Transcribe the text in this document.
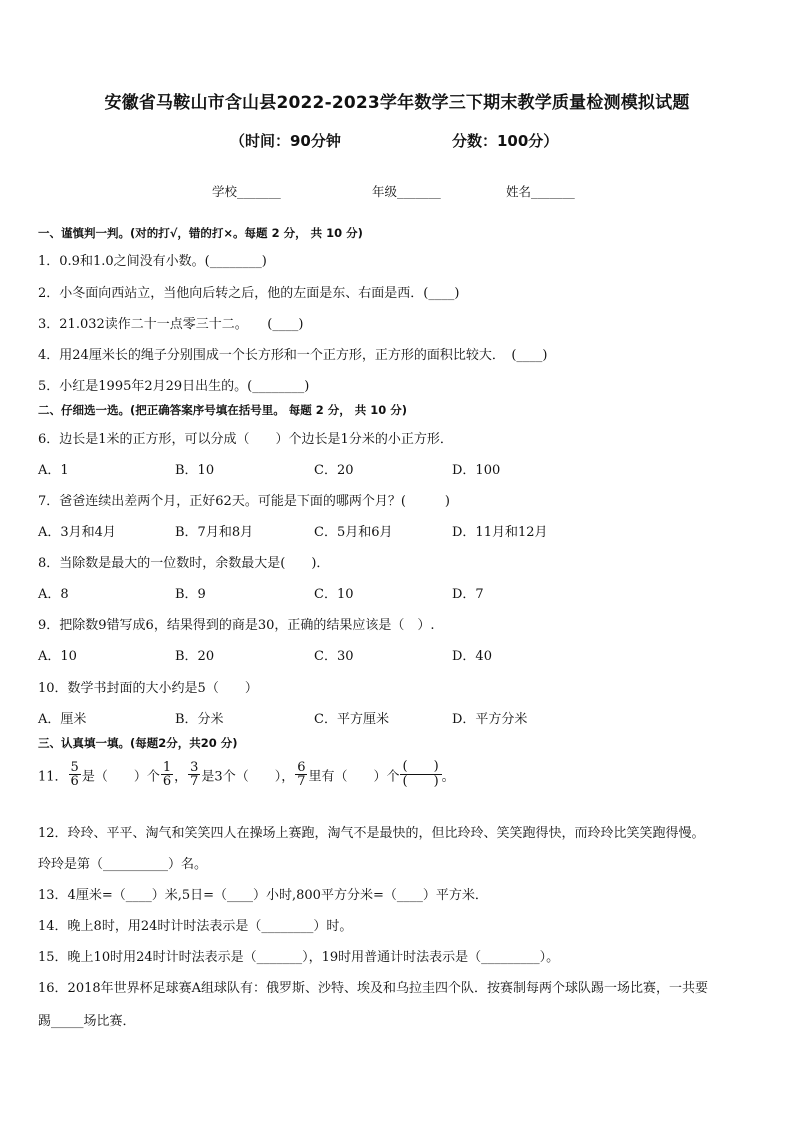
安徽省马鞍山市含山县2022-2023学年数学三下期末教学质量检测模拟试题
（时间：90分钟	分数：100分）
学校_______	年级_______	姓名_______
一、谨慎判一判。(对的打√，错的打×。每题 2 分， 共 10 分)
1．0.9和1.0之间没有小数。(________)
2．小冬面向西站立，当他向后转之后，他的左面是东、右面是西．(____)
3．21.032读作二十一点零三十二。　　(____)
4．用24厘米长的绳子分别围成一个长方形和一个正方形，正方形的面积比较大．　(____)
5．小红是1995年2月29日出生的。(________)
二、仔细选一选。(把正确答案序号填在括号里。 每题 2 分， 共 10 分)
6．边长是1米的正方形，可以分成（　　）个边长是1分米的小正方形．
A．1	B．10	C．20	D．100
7．爸爸连续出差两个月，正好62天。可能是下面的哪两个月？(　　　)
A．3月和4月	B．7月和8月	C．5月和6月	D．11月和12月
8．当除数是最大的一位数时，余数最大是(　　)．
A．8	B．9	C．10	D．7
9．把除数9错写成6，结果得到的商是30，正确的结果应该是（　）.
A．10	B．20	C．30	D．40
10．数学书封面的大小约是5（　　）
A．厘米	B．分米	C．平方厘米	D．平方分米
三、认真填一填。(每题2分，共20 分)
11． $\frac{5}{6}$ 是（　　）个 $\frac{1}{6}$ ， $\frac{3}{7}$ 是3个（　　）， $\frac{6}{7}$ 里有（　　）个 $\frac{( )}{( )}$ 。
12．玲玲、平平、淘气和笑笑四人在操场上赛跑，淘气不是最快的，但比玲玲、笑笑跑得快，而玲玲比笑笑跑得慢。
玲玲是第（__________）名。
13．4厘米=（____）米,5日=（____）小时,800平方分米=（____）平方米．
14．晚上8时，用24时计时法表示是（________）时。
15．晚上10时用24时计时法表示是（_______），19时用普通计时法表示是（_________）。
16．2018年世界杯足球赛A组球队有：俄罗斯、沙特、埃及和乌拉圭四个队．按赛制每两个球队踢一场比赛，一共要
踢_____场比赛．
